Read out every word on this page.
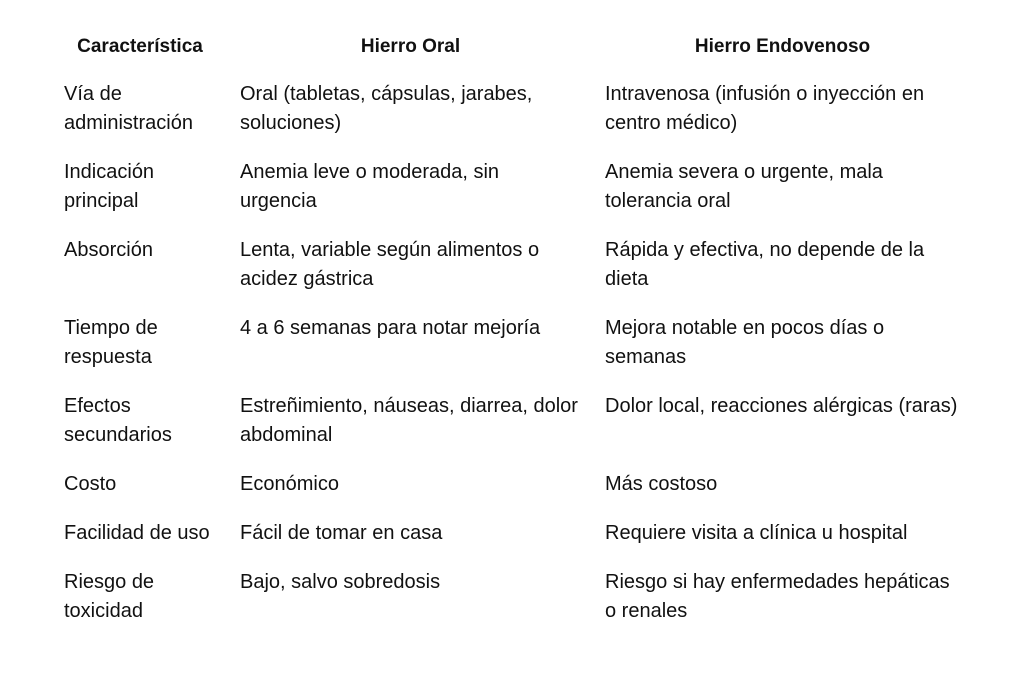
Característica	Hierro Oral	Hierro Endovenoso
Vía de administración	Oral (tabletas, cápsulas, jarabes, soluciones)	Intravenosa (infusión o inyección en centro médico)
Indicación principal	Anemia leve o moderada, sin urgencia	Anemia severa o urgente, mala tolerancia oral
Absorción	Lenta, variable según alimentos o acidez gástrica	Rápida y efectiva, no depende de la dieta
Tiempo de respuesta	4 a 6 semanas para notar mejoría	Mejora notable en pocos días o semanas
Efectos secundarios	Estreñimiento, náuseas, diarrea, dolor abdominal	Dolor local, reacciones alérgicas (raras)
Costo	Económico	Más costoso
Facilidad de uso	Fácil de tomar en casa	Requiere visita a clínica u hospital
Riesgo de toxicidad	Bajo, salvo sobredosis	Riesgo si hay enfermedades hepáticas o renales
